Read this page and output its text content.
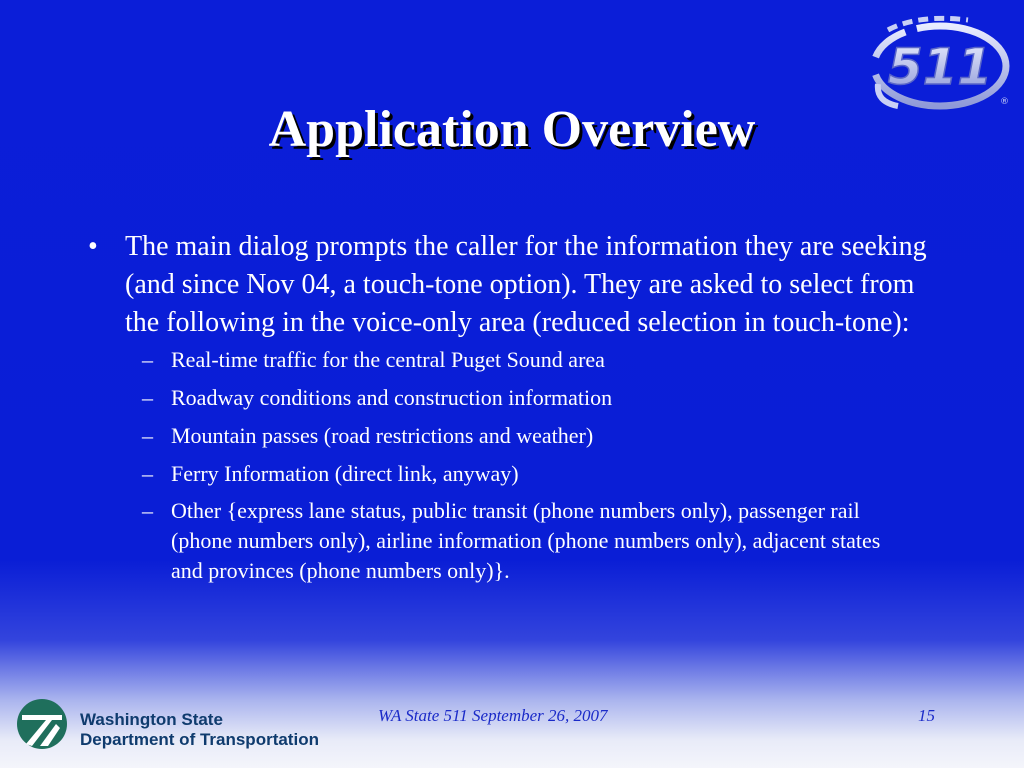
511
®
Application Overview
• The main dialog prompts the caller for the information they are seeking (and since Nov 04, a touch-tone option). They are asked to select from the following in the voice-only area (reduced selection in touch-tone):
– Real-time traffic for the central Puget Sound area
– Roadway conditions and construction information
– Mountain passes (road restrictions and weather)
– Ferry Information (direct link, anyway)
– Other {express lane status, public transit (phone numbers only), passenger rail (phone numbers only), airline information (phone numbers only), adjacent states and provinces (phone numbers only)}.
Washington State
Department of Transportation
WA State 511 September 26, 2007	15
